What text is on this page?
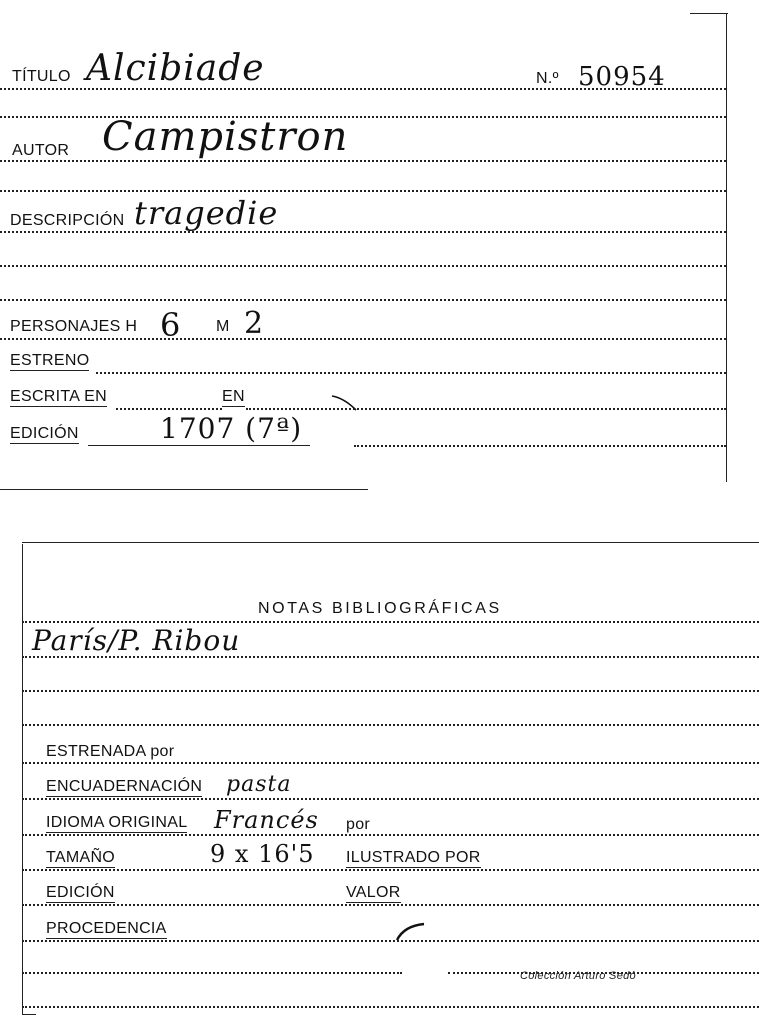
TÍTULO Alcibiade	N.º 50954
AUTOR Campistron
DESCRIPCIÓN tragedie
PERSONAJES H 6 M 2
ESTRENO
ESCRITA EN	EN
EDICIÓN	1707 (7ª)
NOTAS BIBLIOGRÁFICAS
París/P. Ribou
ESTRENADA por
ENCUADERNACIÓN pasta
IDIOMA ORIGINAL Francés por
TAMAÑO	9 x 16'5 ILUSTRADO POR
EDICIÓN	VALOR
PROCEDENCIA
Colección Arturo Sedó
